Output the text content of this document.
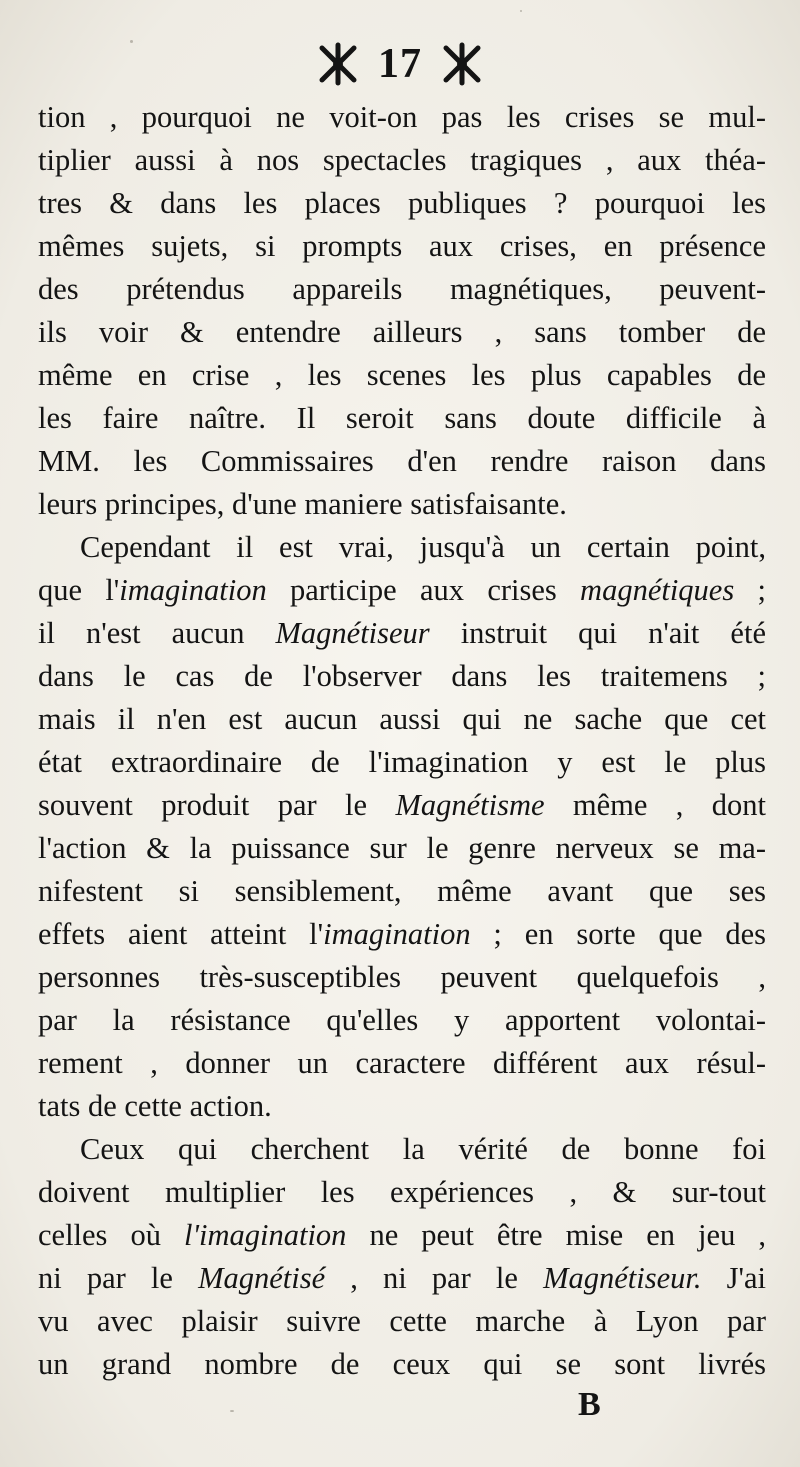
17
tion , pourquoi ne voit-on pas les crises se mul-
tiplier aussi à nos spectacles tragiques , aux théa-
tres & dans les places publiques ? pourquoi les
mêmes sujets, si prompts aux crises, en présence
des prétendus appareils magnétiques, peuvent-
ils voir & entendre ailleurs , sans tomber de
même en crise , les scenes les plus capables de
les faire naître. Il seroit sans doute difficile à
MM. les Commissaires d'en rendre raison dans
leurs principes, d'une maniere satisfaisante.
Cependant il est vrai, jusqu'à un certain point,
que l'imagination participe aux crises magnétiques ;
il n'est aucun Magnétiseur instruit qui n'ait été
dans le cas de l'observer dans les traitemens ;
mais il n'en est aucun aussi qui ne sache que cet
état extraordinaire de l'imagination y est le plus
souvent produit par le Magnétisme même , dont
l'action & la puissance sur le genre nerveux se ma-
nifestent si sensiblement, même avant que ses
effets aient atteint l'imagination ; en sorte que des
personnes très-susceptibles peuvent quelquefois ,
par la résistance qu'elles y apportent volontai-
rement , donner un caractere différent aux résul-
tats de cette action.
Ceux qui cherchent la vérité de bonne foi
doivent multiplier les expériences , & sur-tout
celles où l'imagination ne peut être mise en jeu ,
ni par le Magnétisé , ni par le Magnétiseur. J'ai
vu avec plaisir suivre cette marche à Lyon par
un grand nombre de ceux qui se sont livrés
B
